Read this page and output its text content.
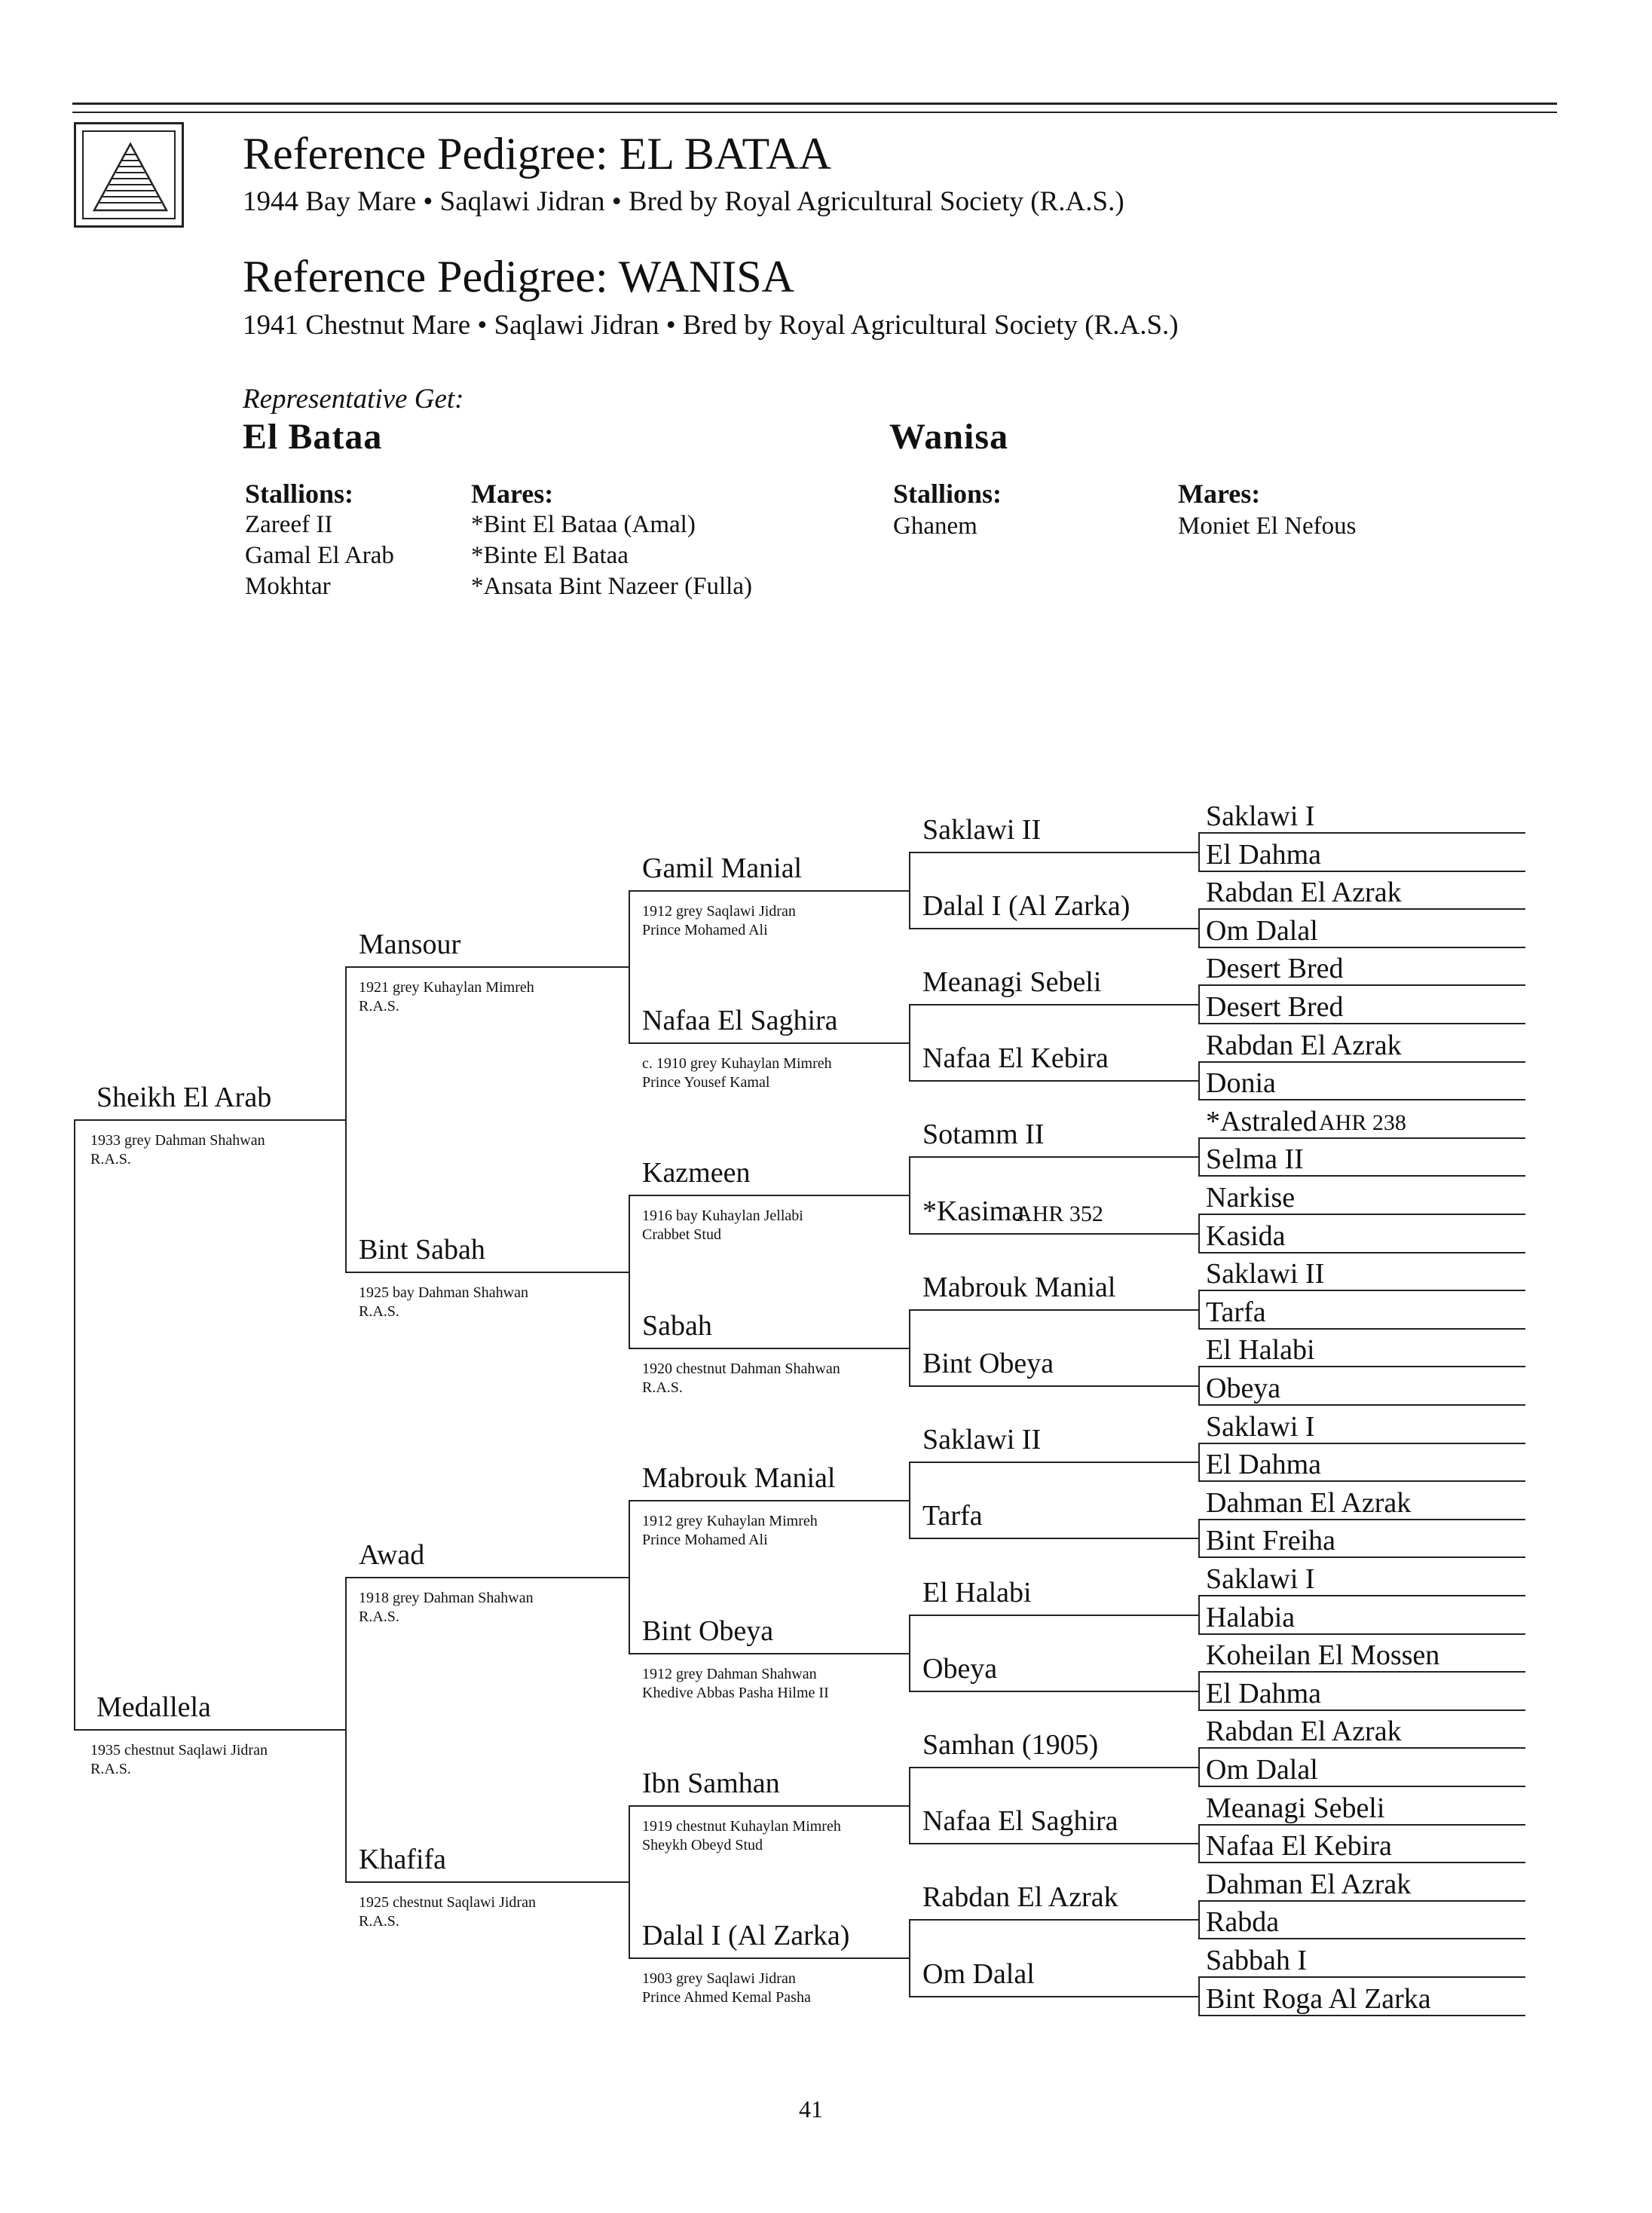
Reference Pedigree: EL BATAA
1944 Bay Mare • Saqlawi Jidran • Bred by Royal Agricultural Society (R.A.S.)
Reference Pedigree: WANISA
1941 Chestnut Mare • Saqlawi Jidran • Bred by Royal Agricultural Society (R.A.S.)
Representative Get:
El Bataa	Wanisa
Stallions:
Zareef II
Gamal El Arab
Mokhtar
Mares:
*Bint El Bataa (Amal)
*Binte El Bataa
*Ansata Bint Nazeer (Fulla)
Stallions:
Ghanem
Mares:
Moniet El Nefous
Saklawi I
El Dahma
Rabdan El Azrak
Om Dalal
Desert Bred
Desert Bred
Rabdan El Azrak
Donia
*Astraled AHR 238
Selma II
Narkise
Kasida
Saklawi II
Tarfa
El Halabi
Obeya
Saklawi I
El Dahma
Dahman El Azrak
Bint Freiha
Saklawi I
Halabia
Koheilan El Mossen
El Dahma
Rabdan El Azrak
Om Dalal
Meanagi Sebeli
Nafaa El Kebira
Dahman El Azrak
Rabda
Sabbah I
Bint Roga Al Zarka
Saklawi II
Dalal I (Al Zarka)
Meanagi Sebeli
Nafaa El Kebira
Sotamm II
*Kasima
AHR 352
Mabrouk Manial
Bint Obeya
Saklawi II
Tarfa
El Halabi
Obeya
Samhan (1905)
Nafaa El Saghira
Rabdan El Azrak
Om Dalal
Gamil Manial
1912 grey Saqlawi Jidran
Prince Mohamed Ali
Nafaa El Saghira
c. 1910 grey Kuhaylan Mimreh
Prince Yousef Kamal
Kazmeen
1916 bay Kuhaylan Jellabi
Crabbet Stud
Sabah
1920 chestnut Dahman Shahwan
R.A.S.
Mabrouk Manial
1912 grey Kuhaylan Mimreh
Prince Mohamed Ali
Bint Obeya
1912 grey Dahman Shahwan
Khedive Abbas Pasha Hilme II
Ibn Samhan
1919 chestnut Kuhaylan Mimreh
Sheykh Obeyd Stud
Dalal I (Al Zarka)
1903 grey Saqlawi Jidran
Prince Ahmed Kemal Pasha
Mansour
1921 grey Kuhaylan Mimreh
R.A.S.
Bint Sabah
1925 bay Dahman Shahwan
R.A.S.
Awad
1918 grey Dahman Shahwan
R.A.S.
Khafifa
1925 chestnut Saqlawi Jidran
R.A.S.
Sheikh El Arab
1933 grey Dahman Shahwan
R.A.S.
Medallela
1935 chestnut Saqlawi Jidran
R.A.S.
41
